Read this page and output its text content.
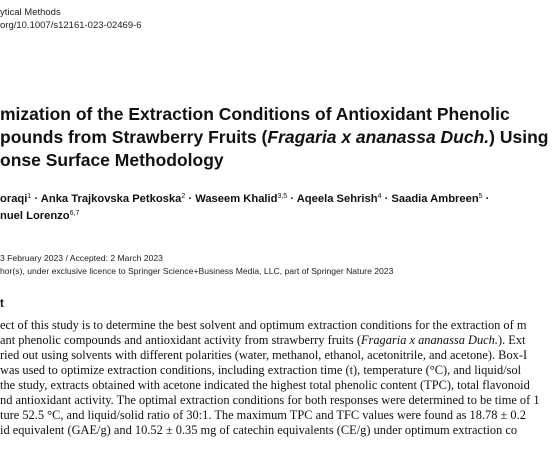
ytical Methods
org/10.1007/s12161-023-02469-6
mization of the Extraction Conditions of Antioxidant Phenolic
pounds from Strawberry Fruits (Fragaria x ananassa Duch.) Using
onse Surface Methodology
oraqi$^1$ · Anka Trajkovska Petkoska$^2$ · Waseem Khalid$^{3,5}$ · Aqeela Sehrish$^4$ · Saadia Ambreen$^5$ ·
nuel Lorenzo$^{6,7}$
3 February 2023 / Accepted: 2 March 2023
hor(s), under exclusive licence to Springer Science+Business Media, LLC, part of Springer Nature 2023
t
ect of this study is to determine the best solvent and optimum extraction conditions for the extraction of m
ant phenolic compounds and antioxidant activity from strawberry fruits (Fragaria x ananassa Duch.). Ext
ried out using solvents with different polarities (water, methanol, ethanol, acetonitrile, and acetone). Box-I
was used to optimize extraction conditions, including extraction time (t), temperature (°C), and liquid/sol
the study, extracts obtained with acetone indicated the highest total phenolic content (TPC), total flavonoid
nd antioxidant activity. The optimal extraction conditions for both responses were determined to be time of 1
ture 52.5 °C, and liquid/solid ratio of 30:1. The maximum TPC and TFC values were found as 18.78 ± 0.2
id equivalent (GAE/g) and 10.52 ± 0.35 mg of catechin equivalents (CE/g) under optimum extraction co
